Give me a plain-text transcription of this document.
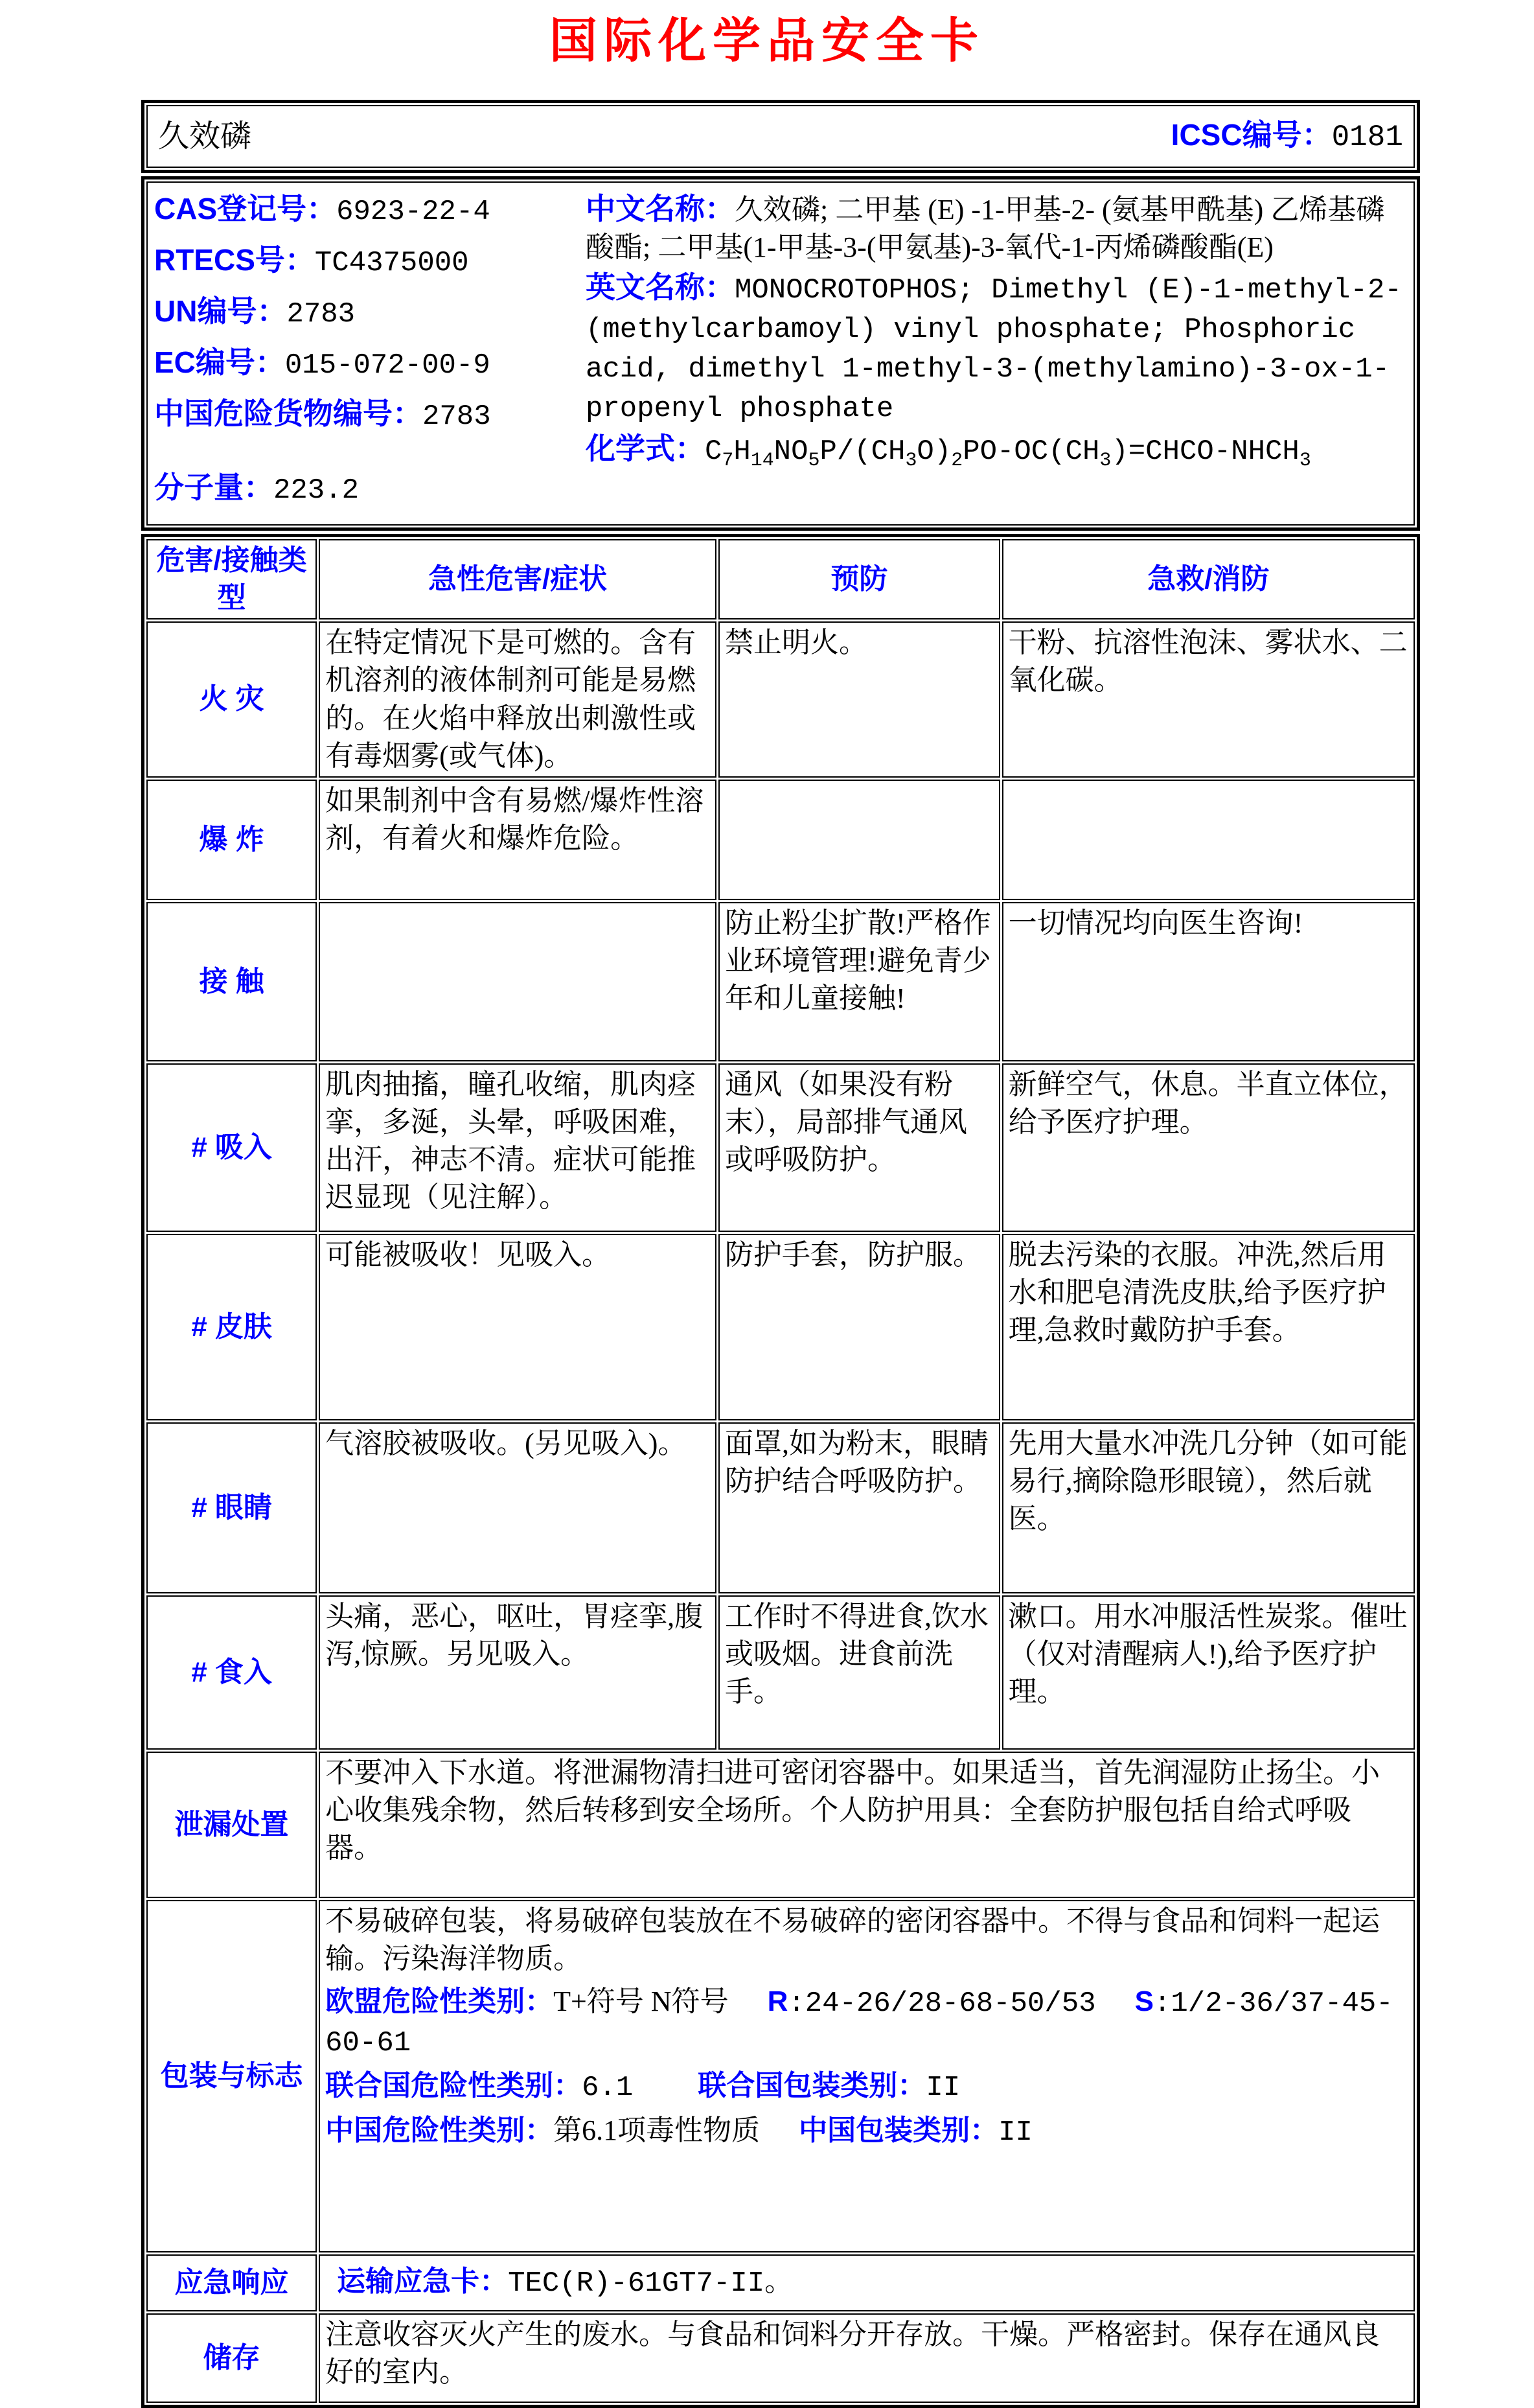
国际化学品安全卡
久效磷	ICSC编号：0181
CAS登记号：6923-22-4
RTECS号：TC4375000
UN编号：2783
EC编号：015-072-00-9
中国危险货物编号：2783
分子量：223.2

中文名称：久效磷; 二甲基 (E) -1-甲基-2- (氨基甲酰基) 乙烯基磷酸酯; 二甲基(1-甲基-3-(甲氨基)-3-氧代-1-丙烯磷酸酯(E)

英文名称：MONOCROTOPHOS; Dimethyl (E)-1-methyl-2-(methylcarbamoyl) vinyl phosphate; Phosphoric acid, dimethyl 1-methyl-3-(methylamino)-3-ox-1-propenyl phosphate

化学式：$C_7H_{14}NO_5P/(CH_3O)_2PO-OC(CH_3)=CHCO-NHCH_3$

危害/接触类型	急性危害/症状	预防	急救/消防
火 灾	在特定情况下是可燃的。含有机溶剂的液体制剂可能是易燃的。在火焰中释放出刺激性或有毒烟雾(或气体)。	禁止明火。	干粉、抗溶性泡沫、雾状水、二氧化碳。
爆 炸	如果制剂中含有易燃/爆炸性溶剂，有着火和爆炸危险。		
接 触		防止粉尘扩散!严格作业环境管理!避免青少年和儿童接触!	一切情况均向医生咨询!
# 吸入	肌肉抽搐，瞳孔收缩，肌肉痉挛，多涎，头晕，呼吸困难，出汗，神志不清。症状可能推迟显现（见注解）。	通风（如果没有粉末），局部排气通风或呼吸防护。	新鲜空气，休息。半直立体位，给予医疗护理。
# 皮肤	可能被吸收！见吸入。	防护手套，防护服。	脱去污染的衣服。冲洗,然后用水和肥皂清洗皮肤,给予医疗护理,急救时戴防护手套。
# 眼睛	气溶胶被吸收。(另见吸入)。	面罩,如为粉末，眼睛防护结合呼吸防护。	先用大量水冲洗几分钟（如可能易行,摘除隐形眼镜），然后就医。
# 食入	头痛，恶心，呕吐，胃痉挛,腹泻,惊厥。另见吸入。	工作时不得进食,饮水或吸烟。进食前洗手。	漱口。用水冲服活性炭浆。催吐（仅对清醒病人!),给予医疗护理。
泄漏处置	不要冲入下水道。将泄漏物清扫进可密闭容器中。如果适当，首先润湿防止扬尘。小心收集残余物，然后转移到安全场所。个人防护用具：全套防护服包括自给式呼吸器。		
包装与标志	不易破碎包装，将易破碎包装放在不易破碎的密闭容器中。不得与食品和饲料一起运输。污染海洋物质。

欧盟危险性类别：T+符号 N符号 R:24-26/28-68-50/53 S:1/2-36/37-45-60-61

联合国危险性类别：6.1 联合国包装类别：II

中国危险性类别：第6.1项毒性物质 中国包装类别：II		

应急响应	运输应急卡：TEC(R)-61GT7-II。		
储存	注意收容灭火产生的废水。与食品和饲料分开存放。干燥。严格密封。保存在通风良好的室内。		
